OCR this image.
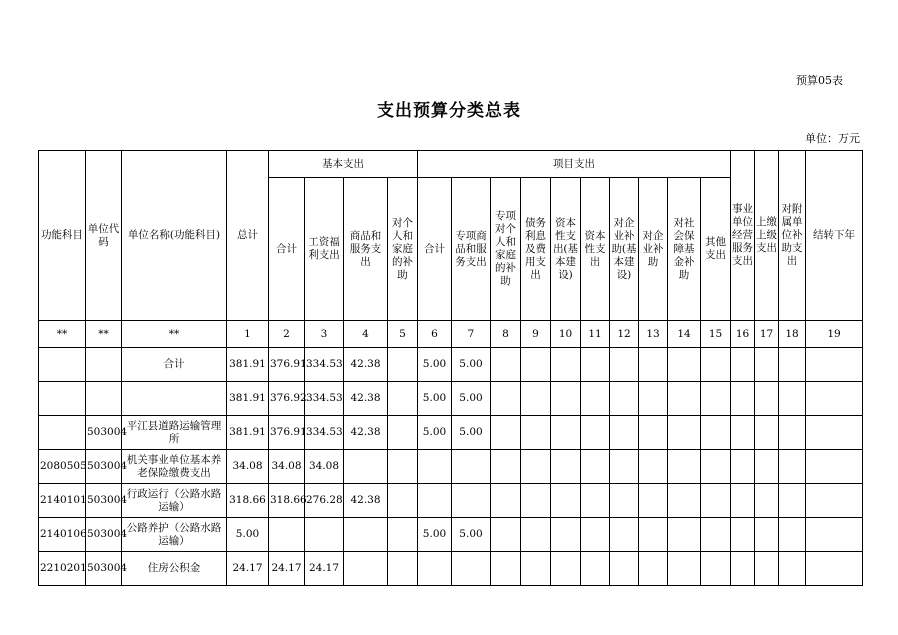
预算05表
支出预算分类总表
单位：万元
功能科目	单位代码	单位名称(功能科目)	总计	基本支出				项目支出										事业单位经营服务支出	上缴上级支出	对附属单位补助支出	结转下年
				合计	工资福利支出	商品和服务支出	对个人和家庭的补助	合计	专项商品和服务支出	专项对个人和家庭的补助	债务利息及费用支出	资本性支出(基本建设)	资本性支出	对企业补助(基本建设)	对企业补助	对社会保障基金补助	其他支出				
**	**	**	1	2	3	4	5	6	7	8	9	10	11	12	13	14	15	16	17	18	19
		合计	381.91	376.91	334.53	42.38		5.00	5.00												
			381.91	376.92	334.53	42.38		5.00	5.00												
	503004	平江县道路运输管理所	381.91	376.91	334.53	42.38		5.00	5.00												
2080505	503004	机关事业单位基本养老保险缴费支出	34.08	34.08	34.08																
2140101	503004	行政运行（公路水路运输）	318.66	318.66	276.28	42.38															
2140106	503004	公路养护（公路水路运输）	5.00					5.00	5.00												
2210201	503004	住房公积金	24.17	24.17	24.17																
